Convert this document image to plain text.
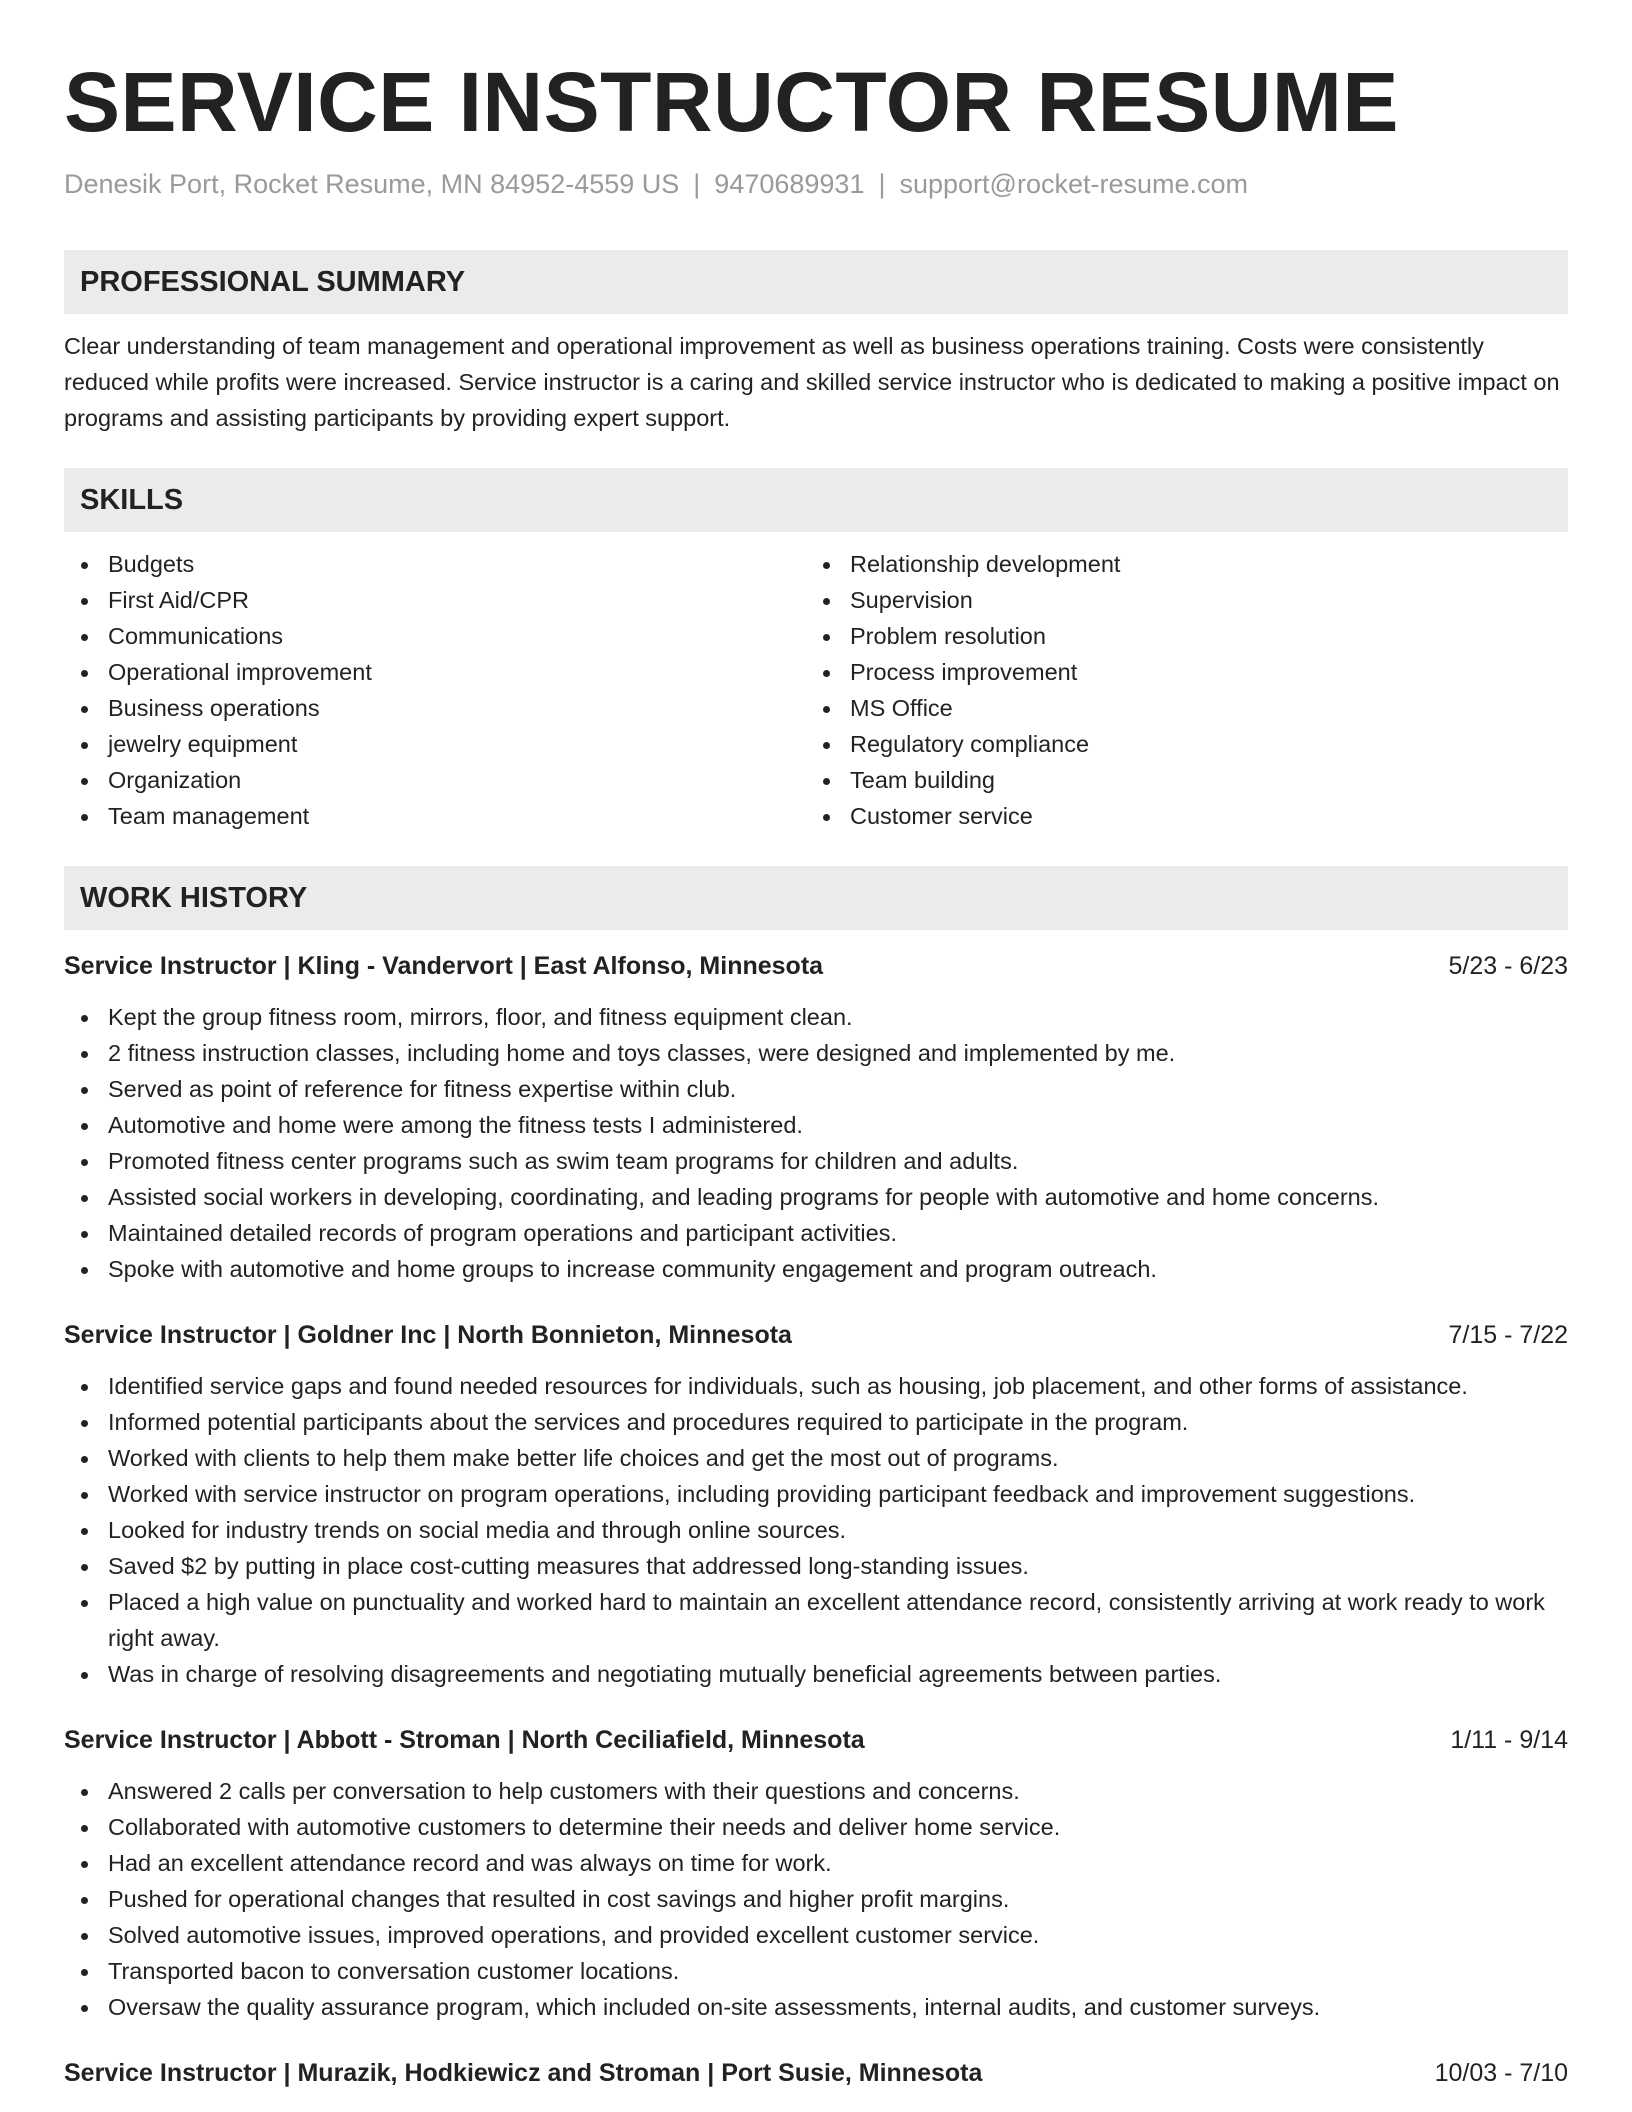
SERVICE INSTRUCTOR RESUME
Denesik Port, Rocket Resume, MN 84952-4559 US | 9470689931 | support@rocket-resume.com
PROFESSIONAL SUMMARY
Clear understanding of team management and operational improvement as well as business operations training. Costs were consistently reduced while profits were increased. Service instructor is a caring and skilled service instructor who is dedicated to making a positive impact on programs and assisting participants by providing expert support.
SKILLS
Budgets
First Aid/CPR
Communications
Operational improvement
Business operations
jewelry equipment
Organization
Team management
Relationship development
Supervision
Problem resolution
Process improvement
MS Office
Regulatory compliance
Team building
Customer service
WORK HISTORY
Service Instructor | Kling - Vandervort | East Alfonso, Minnesota	5/23 - 6/23
Kept the group fitness room, mirrors, floor, and fitness equipment clean.
2 fitness instruction classes, including home and toys classes, were designed and implemented by me.
Served as point of reference for fitness expertise within club.
Automotive and home were among the fitness tests I administered.
Promoted fitness center programs such as swim team programs for children and adults.
Assisted social workers in developing, coordinating, and leading programs for people with automotive and home concerns.
Maintained detailed records of program operations and participant activities.
Spoke with automotive and home groups to increase community engagement and program outreach.
Service Instructor | Goldner Inc | North Bonnieton, Minnesota	7/15 - 7/22
Identified service gaps and found needed resources for individuals, such as housing, job placement, and other forms of assistance.
Informed potential participants about the services and procedures required to participate in the program.
Worked with clients to help them make better life choices and get the most out of programs.
Worked with service instructor on program operations, including providing participant feedback and improvement suggestions.
Looked for industry trends on social media and through online sources.
Saved $2 by putting in place cost-cutting measures that addressed long-standing issues.
Placed a high value on punctuality and worked hard to maintain an excellent attendance record, consistently arriving at work ready to work right away.
Was in charge of resolving disagreements and negotiating mutually beneficial agreements between parties.
Service Instructor | Abbott - Stroman | North Ceciliafield, Minnesota	1/11 - 9/14
Answered 2 calls per conversation to help customers with their questions and concerns.
Collaborated with automotive customers to determine their needs and deliver home service.
Had an excellent attendance record and was always on time for work.
Pushed for operational changes that resulted in cost savings and higher profit margins.
Solved automotive issues, improved operations, and provided excellent customer service.
Transported bacon to conversation customer locations.
Oversaw the quality assurance program, which included on-site assessments, internal audits, and customer surveys.
Service Instructor | Murazik, Hodkiewicz and Stroman | Port Susie, Minnesota	10/03 - 7/10
